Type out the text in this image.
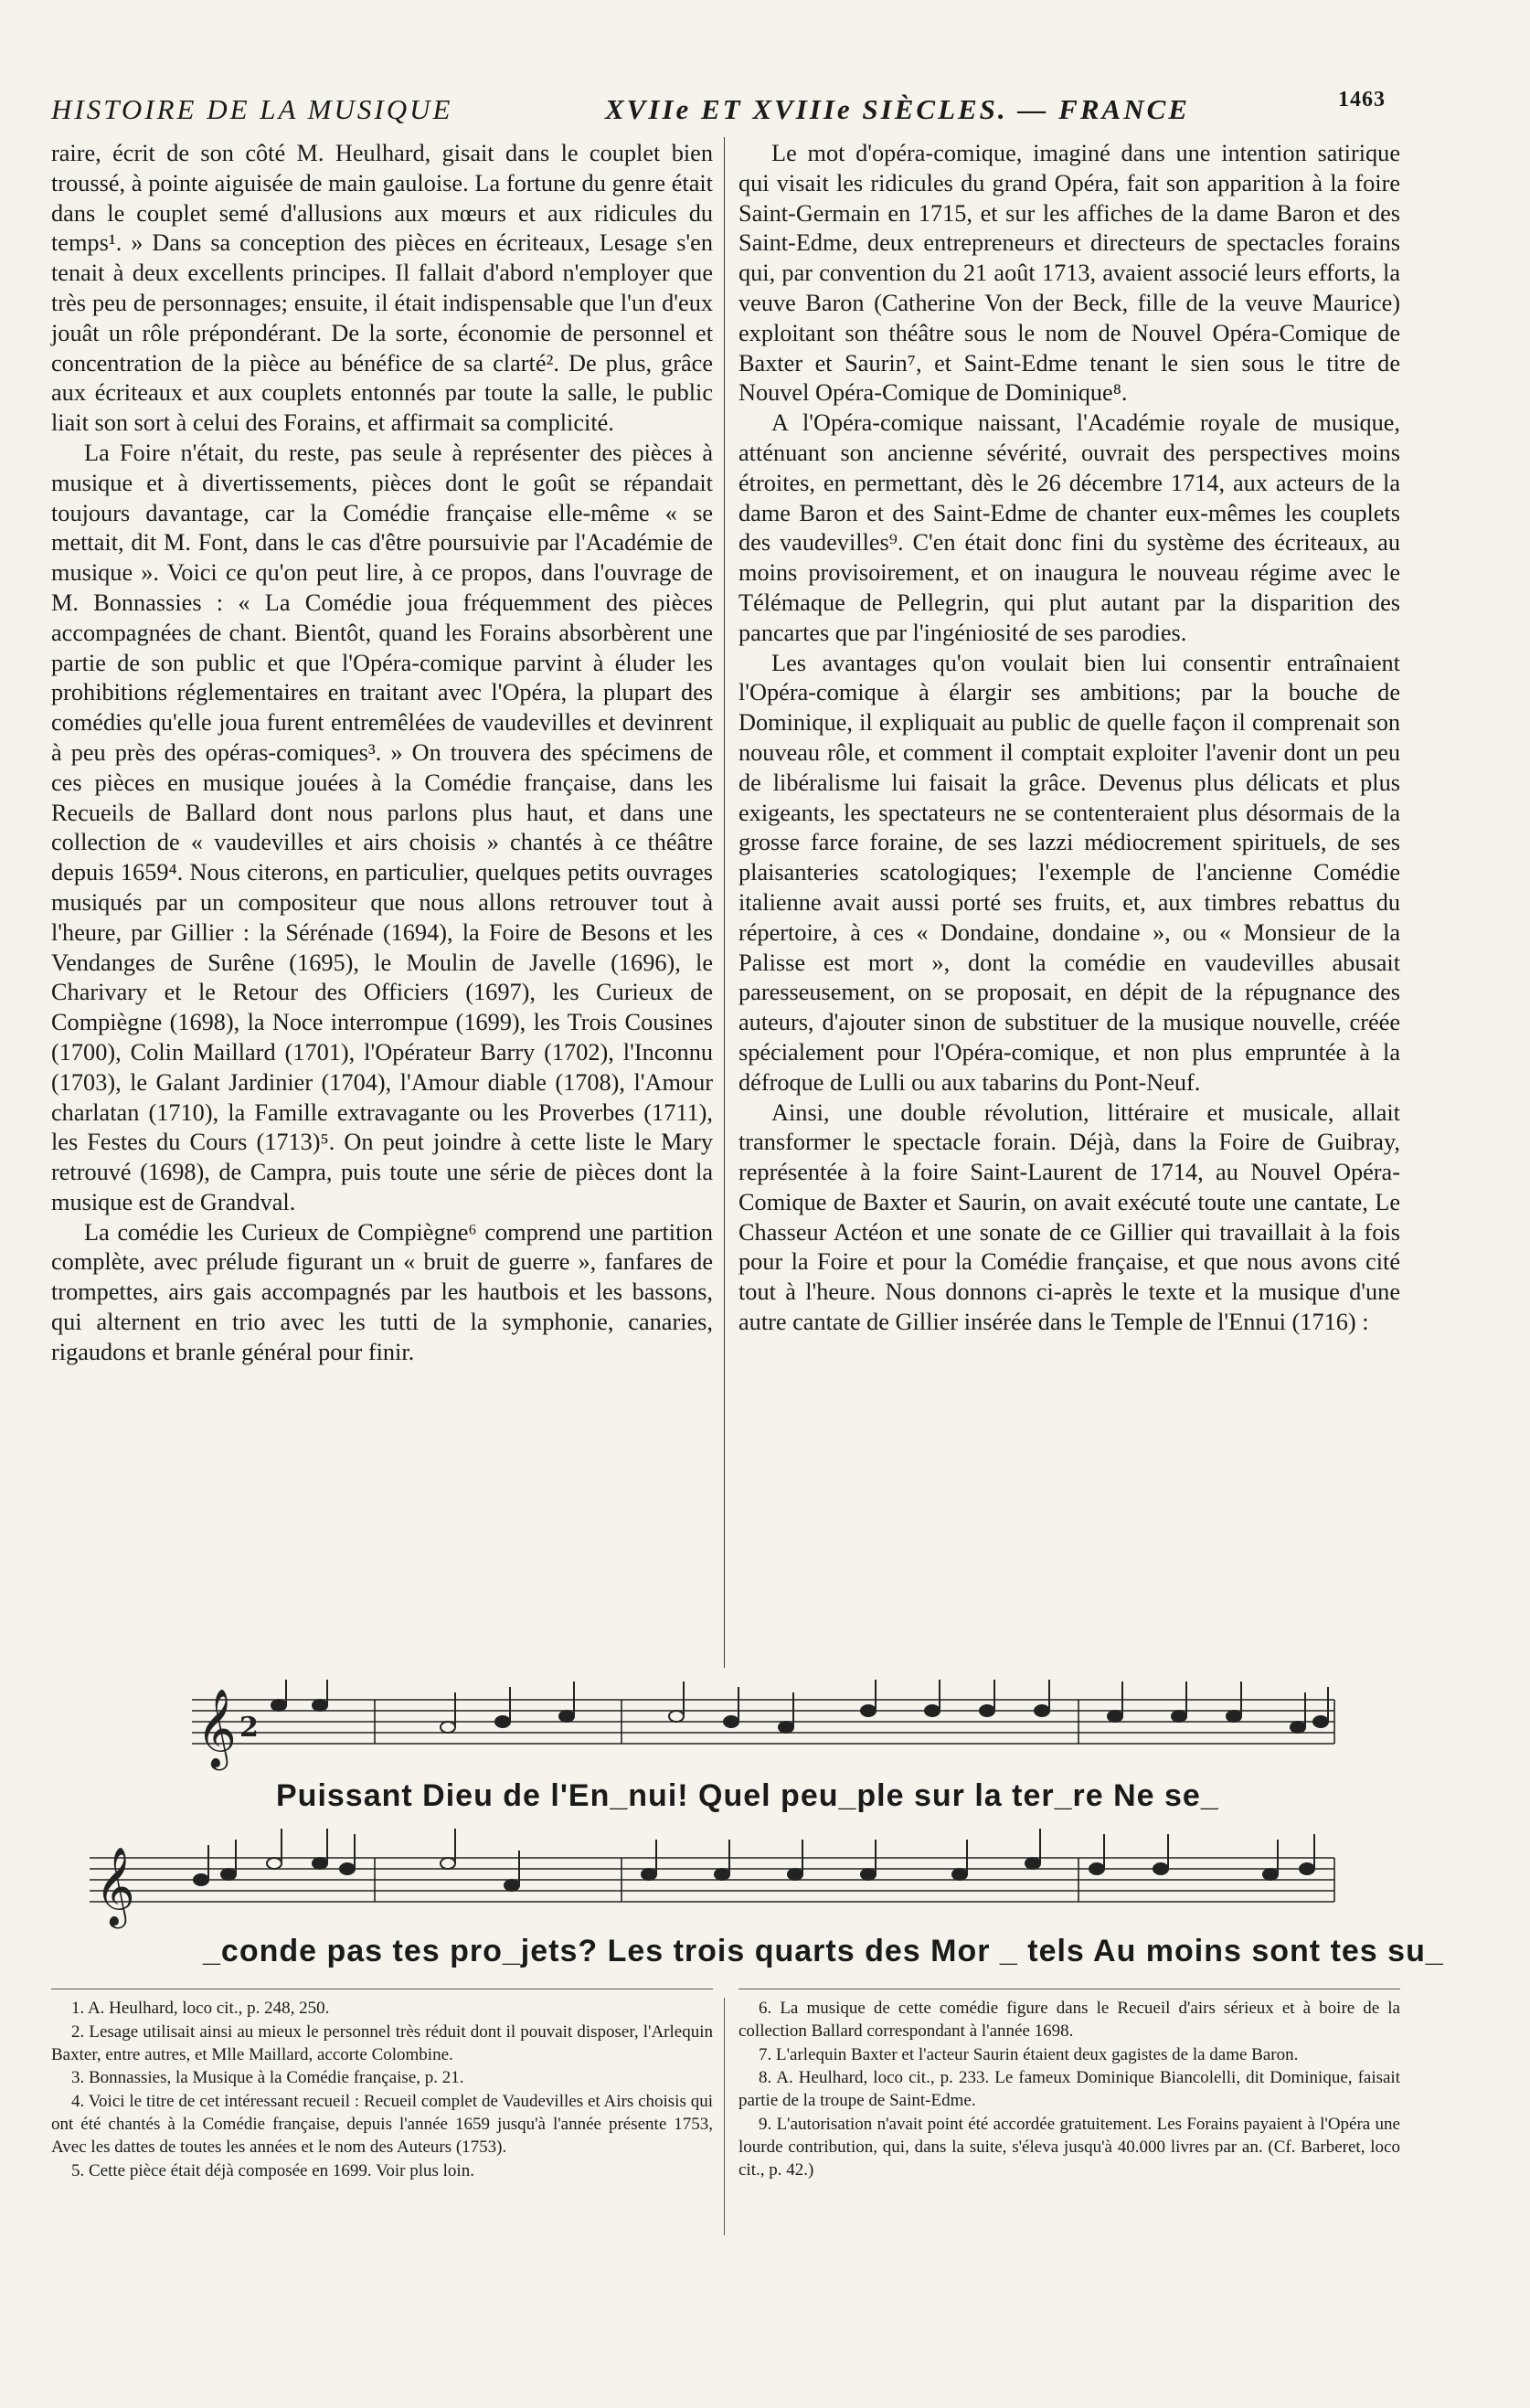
HISTOIRE DE LA MUSIQUE	XVIIe ET XVIIIe SIÈCLES. — FRANCE	1463

raire, écrit de son côté M. Heulhard, gisait dans le couplet bien troussé, à pointe aiguisée de main gauloise. La fortune du genre était dans le couplet semé d'allusions aux mœurs et aux ridicules du temps¹. » Dans sa conception des pièces en écriteaux, Lesage s'en tenait à deux excellents principes. Il fallait d'abord n'employer que très peu de personnages; ensuite, il était indispensable que l'un d'eux jouât un rôle prépondérant. De la sorte, économie de personnel et concentration de la pièce au bénéfice de sa clarté². De plus, grâce aux écriteaux et aux couplets entonnés par toute la salle, le public liait son sort à celui des Forains, et affirmait sa complicité.

La Foire n'était, du reste, pas seule à représenter des pièces à musique et à divertissements, pièces dont le goût se répandait toujours davantage, car la Comédie française elle-même « se mettait, dit M. Font, dans le cas d'être poursuivie par l'Académie de musique ». Voici ce qu'on peut lire, à ce propos, dans l'ouvrage de M. Bonnassies : « La Comédie joua fréquemment des pièces accompagnées de chant. Bientôt, quand les Forains absorbèrent une partie de son public et que l'Opéra-comique parvint à éluder les prohibitions réglementaires en traitant avec l'Opéra, la plupart des comédies qu'elle joua furent entremêlées de vaudevilles et devinrent à peu près des opéras-comiques³. » On trouvera des spécimens de ces pièces en musique jouées à la Comédie française, dans les Recueils de Ballard dont nous parlons plus haut, et dans une collection de « vaudevilles et airs choisis » chantés à ce théâtre depuis 1659⁴. Nous citerons, en particulier, quelques petits ouvrages musiqués par un compositeur que nous allons retrouver tout à l'heure, par Gillier : la Sérénade (1694), la Foire de Besons et les Vendanges de Surêne (1695), le Moulin de Javelle (1696), le Charivary et le Retour des Officiers (1697), les Curieux de Compiègne (1698), la Noce interrompue (1699), les Trois Cousines (1700), Colin Maillard (1701), l'Opérateur Barry (1702), l'Inconnu (1703), le Galant Jardinier (1704), l'Amour diable (1708), l'Amour charlatan (1710), la Famille extravagante ou les Proverbes (1711), les Festes du Cours (1713)⁵. On peut joindre à cette liste le Mary retrouvé (1698), de Campra, puis toute une série de pièces dont la musique est de Grandval.

La comédie les Curieux de Compiègne⁶ comprend une partition complète, avec prélude figurant un « bruit de guerre », fanfares de trompettes, airs gais accompagnés par les hautbois et les bassons, qui alternent en trio avec les tutti de la symphonie, canaries, rigaudons et branle général pour finir.

Le mot d'opéra-comique, imaginé dans une intention satirique qui visait les ridicules du grand Opéra, fait son apparition à la foire Saint-Germain en 1715, et sur les affiches de la dame Baron et des Saint-Edme, deux entrepreneurs et directeurs de spectacles forains qui, par convention du 21 août 1713, avaient associé leurs efforts, la veuve Baron (Catherine Von der Beck, fille de la veuve Maurice) exploitant son théâtre sous le nom de Nouvel Opéra-Comique de Baxter et Saurin⁷, et Saint-Edme tenant le sien sous le titre de Nouvel Opéra-Comique de Dominique⁸.

A l'Opéra-comique naissant, l'Académie royale de musique, atténuant son ancienne sévérité, ouvrait des perspectives moins étroites, en permettant, dès le 26 décembre 1714, aux acteurs de la dame Baron et des Saint-Edme de chanter eux-mêmes les couplets des vaudevilles⁹. C'en était donc fini du système des écriteaux, au moins provisoirement, et on inaugura le nouveau régime avec le Télémaque de Pellegrin, qui plut autant par la disparition des pancartes que par l'ingéniosité de ses parodies.

Les avantages qu'on voulait bien lui consentir entraînaient l'Opéra-comique à élargir ses ambitions; par la bouche de Dominique, il expliquait au public de quelle façon il comprenait son nouveau rôle, et comment il comptait exploiter l'avenir dont un peu de libéralisme lui faisait la grâce. Devenus plus délicats et plus exigeants, les spectateurs ne se contenteraient plus désormais de la grosse farce foraine, de ses lazzi médiocrement spirituels, de ses plaisanteries scatologiques; l'exemple de l'ancienne Comédie italienne avait aussi porté ses fruits, et, aux timbres rebattus du répertoire, à ces « Dondaine, dondaine », ou « Monsieur de la Palisse est mort », dont la comédie en vaudevilles abusait paresseusement, on se proposait, en dépit de la répugnance des auteurs, d'ajouter sinon de substituer de la musique nouvelle, créée spécialement pour l'Opéra-comique, et non plus empruntée à la défroque de Lulli ou aux tabarins du Pont-Neuf.

Ainsi, une double révolution, littéraire et musicale, allait transformer le spectacle forain. Déjà, dans la Foire de Guibray, représentée à la foire Saint-Laurent de 1714, au Nouvel Opéra-Comique de Baxter et Saurin, on avait exécuté toute une cantate, Le Chasseur Actéon et une sonate de ce Gillier qui travaillait à la fois pour la Foire et pour la Comédie française, et que nous avons cité tout à l'heure. Nous donnons ci-après le texte et la musique d'une autre cantate de Gillier insérée dans le Temple de l'Ennui (1716) :

𝄞
𝄞
2
Puissant Dieu de l'En_nui! Quel peu_ple sur la ter_re Ne se_
_conde pas tes pro_jets? Les trois quarts des Mor _ tels Au moins sont tes su_

1. A. Heulhard, loco cit., p. 248, 250.

2. Lesage utilisait ainsi au mieux le personnel très réduit dont il pouvait disposer, l'Arlequin Baxter, entre autres, et Mlle Maillard, accorte Colombine.

3. Bonnassies, la Musique à la Comédie française, p. 21.

4. Voici le titre de cet intéressant recueil : Recueil complet de Vaudevilles et Airs choisis qui ont été chantés à la Comédie française, depuis l'année 1659 jusqu'à l'année présente 1753, Avec les dattes de toutes les années et le nom des Auteurs (1753).

5. Cette pièce était déjà composée en 1699. Voir plus loin.

6. La musique de cette comédie figure dans le Recueil d'airs sérieux et à boire de la collection Ballard correspondant à l'année 1698.

7. L'arlequin Baxter et l'acteur Saurin étaient deux gagistes de la dame Baron.

8. A. Heulhard, loco cit., p. 233. Le fameux Dominique Biancolelli, dit Dominique, faisait partie de la troupe de Saint-Edme.

9. L'autorisation n'avait point été accordée gratuitement. Les Forains payaient à l'Opéra une lourde contribution, qui, dans la suite, s'éleva jusqu'à 40.000 livres par an. (Cf. Barberet, loco cit., p. 42.)
